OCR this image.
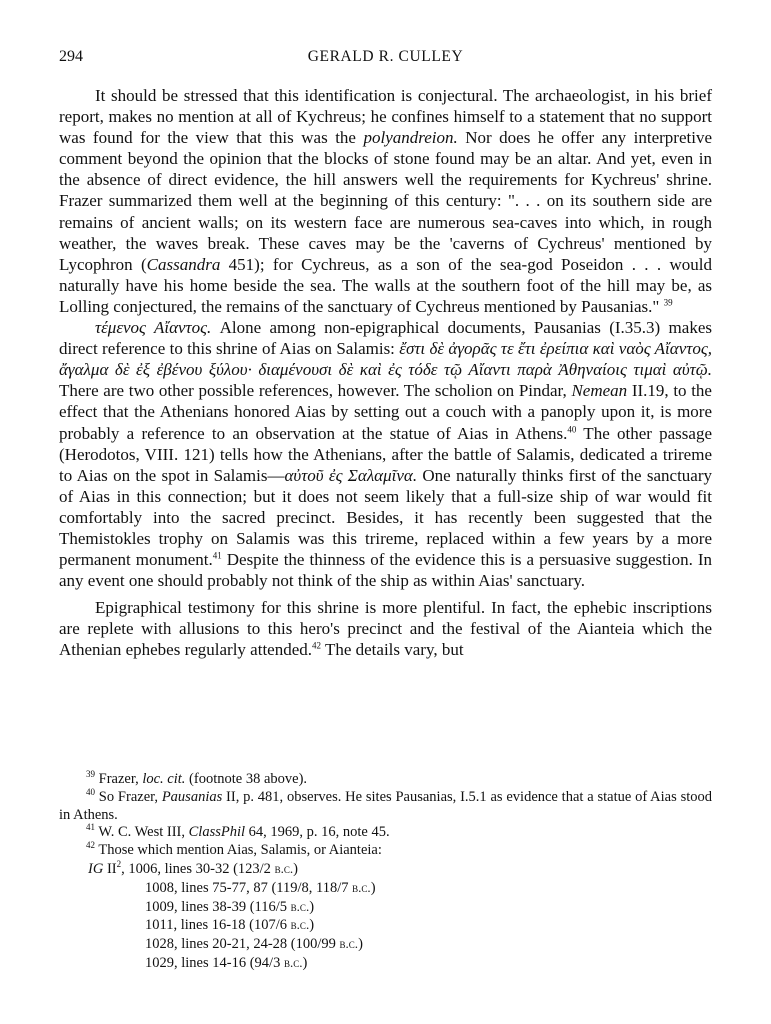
294	GERALD R. CULLEY

It should be stressed that this identification is conjectural. The archaeologist, in his brief report, makes no mention at all of Kychreus; he confines himself to a statement that no support was found for the view that this was the polyandreion. Nor does he offer any interpretive comment beyond the opinion that the blocks of stone found may be an altar. And yet, even in the absence of direct evidence, the hill answers well the requirements for Kychreus' shrine. Frazer summarized them well at the beginning of this century: ". . . on its southern side are remains of ancient walls; on its western face are numerous sea-caves into which, in rough weather, the waves break. These caves may be the 'caverns of Cychreus' mentioned by Lycophron (Cassandra 451); for Cychreus, as a son of the sea-god Poseidon . . . would naturally have his home beside the sea. The walls at the southern foot of the hill may be, as Lolling conjectured, the remains of the sanctuary of Cychreus mentioned by Pausanias." $^{39}$

τέμενος Αἴαντος. Alone among non-epigraphical documents, Pausanias (I.35.3) makes direct reference to this shrine of Aias on Salamis: ἔστι δὲ ἀγορᾶς τε ἔτι ἐρείπια καὶ ναὸς Αἴαντος, ἄγαλμα δὲ ἐξ ἐβένου ξύλου· διαμένουσι δὲ καὶ ἐς τόδε τῷ Αἴαντι παρὰ Ἀθηναίοις τιμαὶ αὐτῷ. There are two other possible references, however. The scholion on Pindar, Nemean II.19, to the effect that the Athenians honored Aias by setting out a couch with a panoply upon it, is more probably a reference to an observation at the statue of Aias in Athens.$^{40}$ The other passage (Herodotos, VIII. 121) tells how the Athenians, after the battle of Salamis, dedicated a trireme to Aias on the spot in Salamis—αὐτοῦ ἐς Σαλαμῖνα. One naturally thinks first of the sanctuary of Aias in this connection; but it does not seem likely that a full-size ship of war would fit comfortably into the sacred precinct. Besides, it has recently been suggested that the Themistokles trophy on Salamis was this trireme, replaced within a few years by a more permanent monument.$^{41}$ Despite the thinness of the evidence this is a persuasive suggestion. In any event one should probably not think of the ship as within Aias' sanctuary.

Epigraphical testimony for this shrine is more plentiful. In fact, the ephebic inscriptions are replete with allusions to this hero's precinct and the festival of the Aianteia which the Athenian ephebes regularly attended.$^{42}$ The details vary, but

$^{39}$ Frazer, loc. cit. (footnote 38 above).

$^{40}$ So Frazer, Pausanias II, p. 481, observes. He sites Pausanias, I.5.1 as evidence that a statue of Aias stood in Athens.

$^{41}$ W. C. West III, ClassPhil 64, 1969, p. 16, note 45.

$^{42}$ Those which mention Aias, Salamis, or Aianteia:

IG $II^2$, 1006, lines 30-32 (123/2 b.c.)

1008, lines 75-77, 87 (119/8, 118/7 b.c.)

1009, lines 38-39 (116/5 b.c.)

1011, lines 16-18 (107/6 b.c.)

1028, lines 20-21, 24-28 (100/99 b.c.)

1029, lines 14-16 (94/3 b.c.)
